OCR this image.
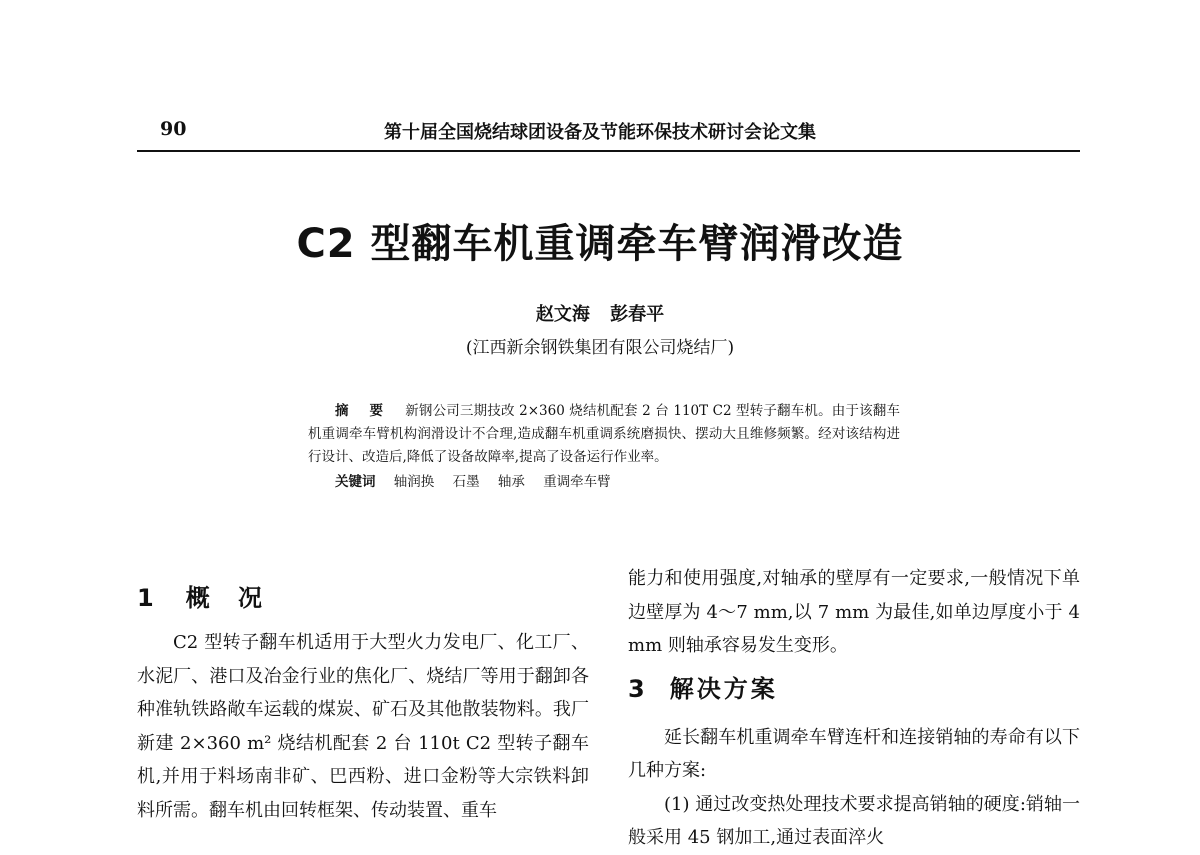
90	第十届全国烧结球团设备及节能环保技术研讨会论文集
C2 型翻车机重调牵车臂润滑改造
赵文海 彭春平
(江西新余钢铁集团有限公司烧结厂)

摘 要 新钢公司三期技改 2×360 烧结机配套 2 台 110T C2 型转子翻车机。由于该翻车机重调牵车臂机构润滑设计不合理,造成翻车机重调系统磨损快、摆动大且维修频繁。经对该结构进行设计、改造后,降低了设备故障率,提高了设备运行作业率。

关键词 轴润换 石墨 轴承 重调牵车臂
1 概 况

C2 型转子翻车机适用于大型火力发电厂、化工厂、水泥厂、港口及冶金行业的焦化厂、烧结厂等用于翻卸各种准轨铁路敞车运载的煤炭、矿石及其他散装物料。我厂新建 2×360 m² 烧结机配套 2 台 110t C2 型转子翻车机,并用于料场南非矿、巴西粉、进口金粉等大宗铁料卸料所需。翻车机由回转框架、传动装置、重车

能力和使用强度,对轴承的壁厚有一定要求,一般情况下单边壁厚为 4～7 mm,以 7 mm 为最佳,如单边厚度小于 4 mm 则轴承容易发生变形。

3 解决方案

延长翻车机重调牵车臂连杆和连接销轴的寿命有以下几种方案:

(1) 通过改变热处理技术要求提高销轴的硬度:销轴一般采用 45 钢加工,通过表面淬火
